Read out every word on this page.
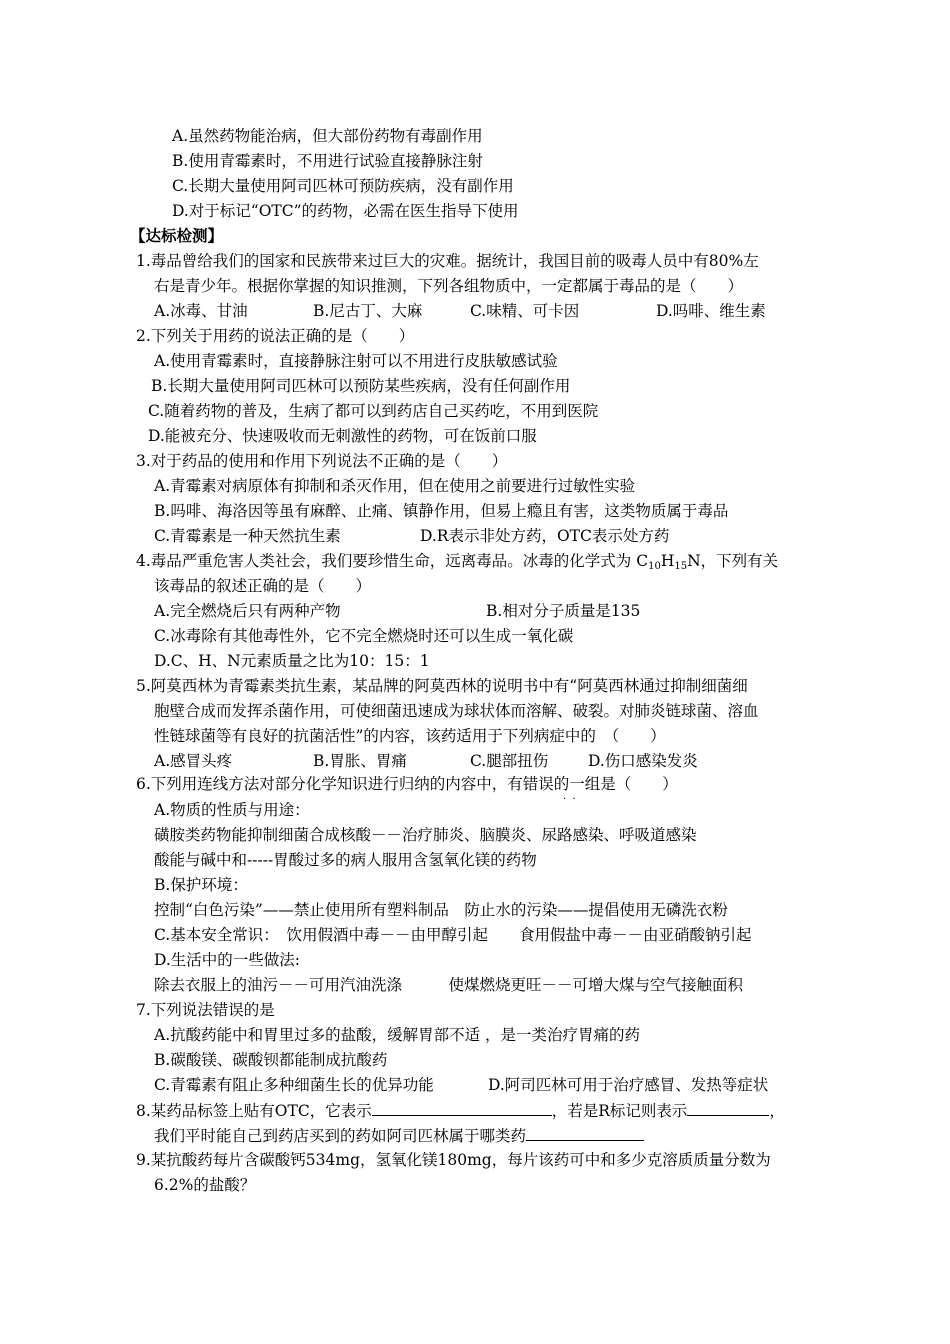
A.虽然药物能治病，但大部份药物有毒副作用
B.使用青霉素时，不用进行试验直接静脉注射
C.长期大量使用阿司匹林可预防疾病，没有副作用
D.对于标记“OTC”的药物，必需在医生指导下使用
【达标检测】
1.毒品曾给我们的国家和民族带来过巨大的灾难。据统计，我国目前的吸毒人员中有80%左
右是青少年。根据你掌握的知识推测，下列各组物质中，一定都属于毒品的是（　　）
A.冰毒、甘油	B.尼古丁、大麻	C.味精、可卡因	D.吗啡、维生素
2.下列关于用药的说法正确的是（　　）
A.使用青霉素时，直接静脉注射可以不用进行皮肤敏感试验
B.长期大量使用阿司匹林可以预防某些疾病，没有任何副作用
C.随着药物的普及，生病了都可以到药店自己买药吃，不用到医院
D.能被充分、快速吸收而无刺激性的药物，可在饭前口服
3.对于药品的使用和作用下列说法不正确的是（　　）
A.青霉素对病原体有抑制和杀灭作用，但在使用之前要进行过敏性实验
B.吗啡、海洛因等虽有麻醉、止痛、镇静作用，但易上瘾且有害，这类物质属于毒品
C.青霉素是一种天然抗生素	D.R表示非处方药，OTC表示处方药
4.毒品严重危害人类社会，我们要珍惜生命，远离毒品。冰毒的化学式为 $C_{10}H_{15}N$，下列有关
该毒品的叙述正确的是（　　）
A.完全燃烧后只有两种产物	B.相对分子质量是135
C.冰毒除有其他毒性外，它不完全燃烧时还可以生成一氧化碳
D.C、H、N元素质量之比为10：15：1
5.阿莫西林为青霉素类抗生素，某品牌的阿莫西林的说明书中有“阿莫西林通过抑制细菌细
胞壁合成而发挥杀菌作用，可使细菌迅速成为球状体而溶解、破裂。对肺炎链球菌、溶血
性链球菌等有良好的抗菌活性”的内容，该药适用于下列病症中的　（　　）
A.感冒头疼	B.胃胀、胃痛	C.腿部扭伤	D.伤口感染发炎
6.下列用连线方法对部分化学知识进行归纳的内容中，有错误的一组是（　　）
·  ·
A.物质的性质与用途：
磺胺类药物能抑制细菌合成核酸－－治疗肺炎、脑膜炎、尿路感染、呼吸道感染
酸能与碱中和-----胃酸过多的病人服用含氢氧化镁的药物
B.保护环境：
控制“白色污染”——禁止使用所有塑料制品　防止水的污染——提倡使用无磷洗衣粉
C.基本安全常识：　饮用假酒中毒－－由甲醇引起　　食用假盐中毒－－由亚硝酸钠引起
D.生活中的一些做法:
除去衣服上的油污－－可用汽油洗涤　　　使煤燃烧更旺－－可增大煤与空气接触面积
7.下列说法错误的是
A.抗酸药能中和胃里过多的盐酸，缓解胃部不适 ，是一类治疗胃痛的药
B.碳酸镁、碳酸钡都能制成抗酸药
C.青霉素有阻止多种细菌生长的优异功能	D.阿司匹林可用于治疗感冒、发热等症状
8.某药品标签上贴有OTC，它表示	，若是R标记则表示	，
我们平时能自己到药店买到的药如阿司匹林属于哪类药
9.某抗酸药每片含碳酸钙534mg，氢氧化镁180mg，每片该药可中和多少克溶质质量分数为
6.2%的盐酸？
